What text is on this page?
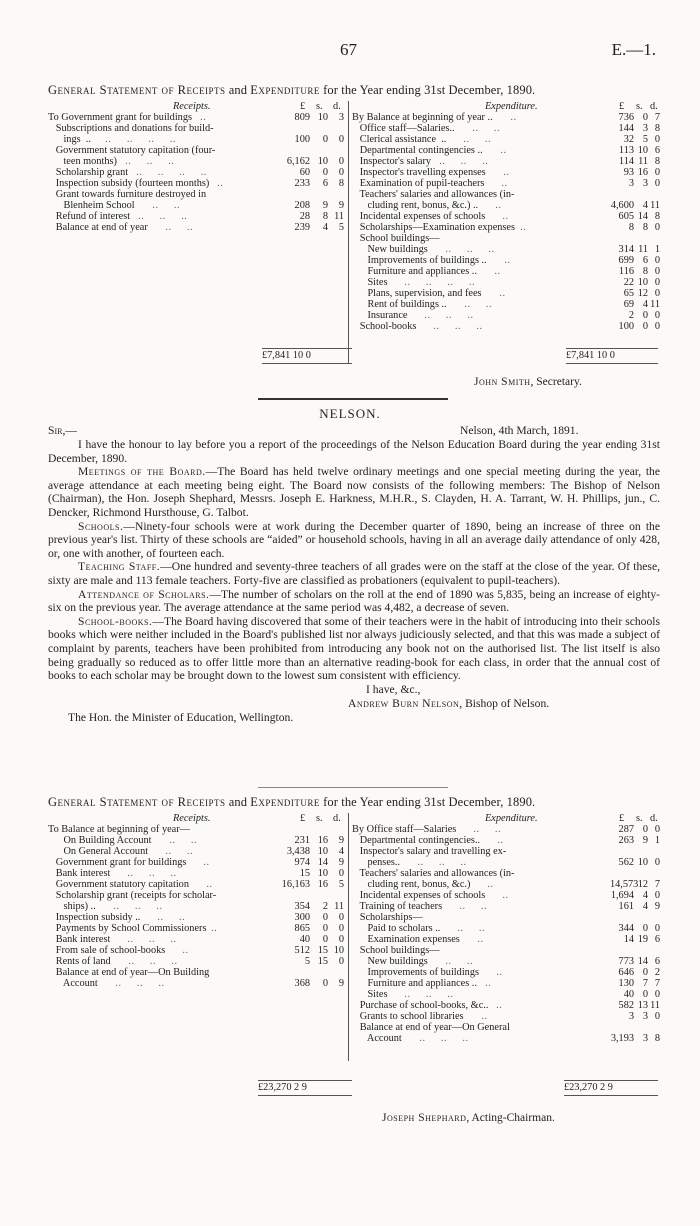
67	E.—1.
General Statement of Receipts and Expenditure for the Year ending 31st December, 1890.
Receipts.	£ s. d.
To Government grant for buildings ..	809 10	3
Subscriptions and donations for build-
ings  .. ..     ..     ..     ..	100	0	0
Government statutory capitation (four-
teen months) ..     ..     ..	6,162 10	0
Scholarship grant ..     ..     ..     ..	60	0	0
Inspection subsidy (fourteen months) ..	233	6	8
Grant towards furniture destroyed in
Blenheim School ..     ..	208	9	9
Refund of interest ..     ..     ..	28	8 11
Balance at end of year ..     ..	239	4	5
Expenditure.	£ s. d.
By Balance at beginning of year .. ..	736 0 7
Office staff—Salaries.. ..     ..	144 3 8
Clerical assistance  .. ..     ..	32 5 0
Departmental contingencies .. ..	113 10 6
Inspector's salary ..     ..     ..	114 11 8
Inspector's travelling expenses ..	93 16 0
Examination of pupil-teachers ..	3 3 0
Teachers' salaries and allowances (in-
cluding rent, bonus, &c.) .. ..	4,600 4 11
Incidental expenses of schools ..	605 14 8
Scholarships—Examination expenses ..	8 8 0
School buildings—
New buildings ..     ..     ..	314 11 1
Improvements of buildings .. ..	699 6 0
Furniture and appliances .. ..	116 8 0
Sites ..     ..     ..     ..	22 10 0
Plans, supervision, and fees ..	65 12 0
Rent of buildings .. ..     ..	69 4 11
Insurance ..     ..     ..	2 0 0
School-books ..     ..     ..	100 0 0
£7,841 10 0	£7,841 10 0
John Smith, Secretary.
NELSON.
Sir,—	Nelson, 4th March, 1891.

I have the honour to lay before you a report of the proceedings of the Nelson Education Board during the year ending 31st December, 1890.

Meetings of the Board.—The Board has held twelve ordinary meetings and one special meeting during the year, the average attendance at each meeting being eight. The Board now consists of the following members: The Bishop of Nelson (Chairman), the Hon. Joseph Shephard, Messrs. Joseph E. Harkness, M.H.R., S. Clayden, H. A. Tarrant, W. H. Phillips, jun., C. Dencker, Richmond Hursthouse, G. Talbot.

Schools.—Ninety-four schools were at work during the December quarter of 1890, being an increase of three on the previous year's list. Thirty of these schools are “aided” or household schools, having in all an average daily attendance of only 428, or, one with another, of fourteen each.

Teaching Staff.—One hundred and seventy-three teachers of all grades were on the staff at the close of the year. Of these, sixty are male and 113 female teachers. Forty-five are classified as probationers (equivalent to pupil-teachers).

Attendance of Scholars.—The number of scholars on the roll at the end of 1890 was 5,835, being an increase of eighty-six on the previous year. The average attendance at the same period was 4,482, a decrease of seven.

School-books.—The Board having discovered that some of their teachers were in the habit of introducing into their schools books which were neither included in the Board's published list nor always judiciously selected, and that this was made a subject of complaint by parents, teachers have been prohibited from introducing any book not on the authorised list. The list itself is also being gradually so reduced as to offer little more than an alternative reading-book for each class, in order that the annual cost of books to each scholar may be brought down to the lowest sum consistent with efficiency.

I have, &c.,
Andrew Burn Nelson, Bishop of Nelson.
The Hon. the Minister of Education, Wellington.
General Statement of Receipts and Expenditure for the Year ending 31st December, 1890.
Receipts.	£ s. d.
To Balance at beginning of year—
On Building Account ..     ..	231 16	9
On General Account ..     ..	3,438 10	4
Government grant for buildings ..	974 14	9
Bank interest ..     ..     ..	15 10	0
Government statutory capitation ..	16,163 16	5
Scholarship grant (receipts for scholar-
ships) .. ..     ..     ..	354	2 11
Inspection subsidy .. ..     ..	300	0	0
Payments by School Commissioners ..	865	0	0
Bank interest ..     ..     ..	40	0	0
From sale of school-books ..	512 15 10
Rents of land ..     ..     ..	5 15	0
Balance at end of year—On Building
Account ..     ..     ..	368	0	9
Expenditure.	£ s. d.
By Office staff—Salaries ..     ..	287 0 0
Departmental contingencies.. ..	263 9 1
Inspector's salary and travelling ex-
penses.. ..     ..     ..	562 10 0
Teachers' salaries and allowances (in-
cluding rent, bonus, &c.) ..	14,573 12 7
Incidental expenses of schools ..	1,694 4 0
Training of teachers ..     ..	161 4 9
Scholarships—
Paid to scholars .. ..     ..	344 0 0
Examination expenses ..	14 19 6
School buildings—
New buildings ..     ..	773 14 6
Improvements of buildings ..	646 0 2
Furniture and appliances .. ..	130 7 7
Sites ..     ..     ..	40 0 0
Purchase of school-books, &c.. ..	582 13 11
Grants to school libraries ..	3 3 0
Balance at end of year—On General
Account ..     ..     ..	3,193 3 8
£23,270 2 9	£23,270 2 9
Joseph Shephard, Acting-Chairman.
